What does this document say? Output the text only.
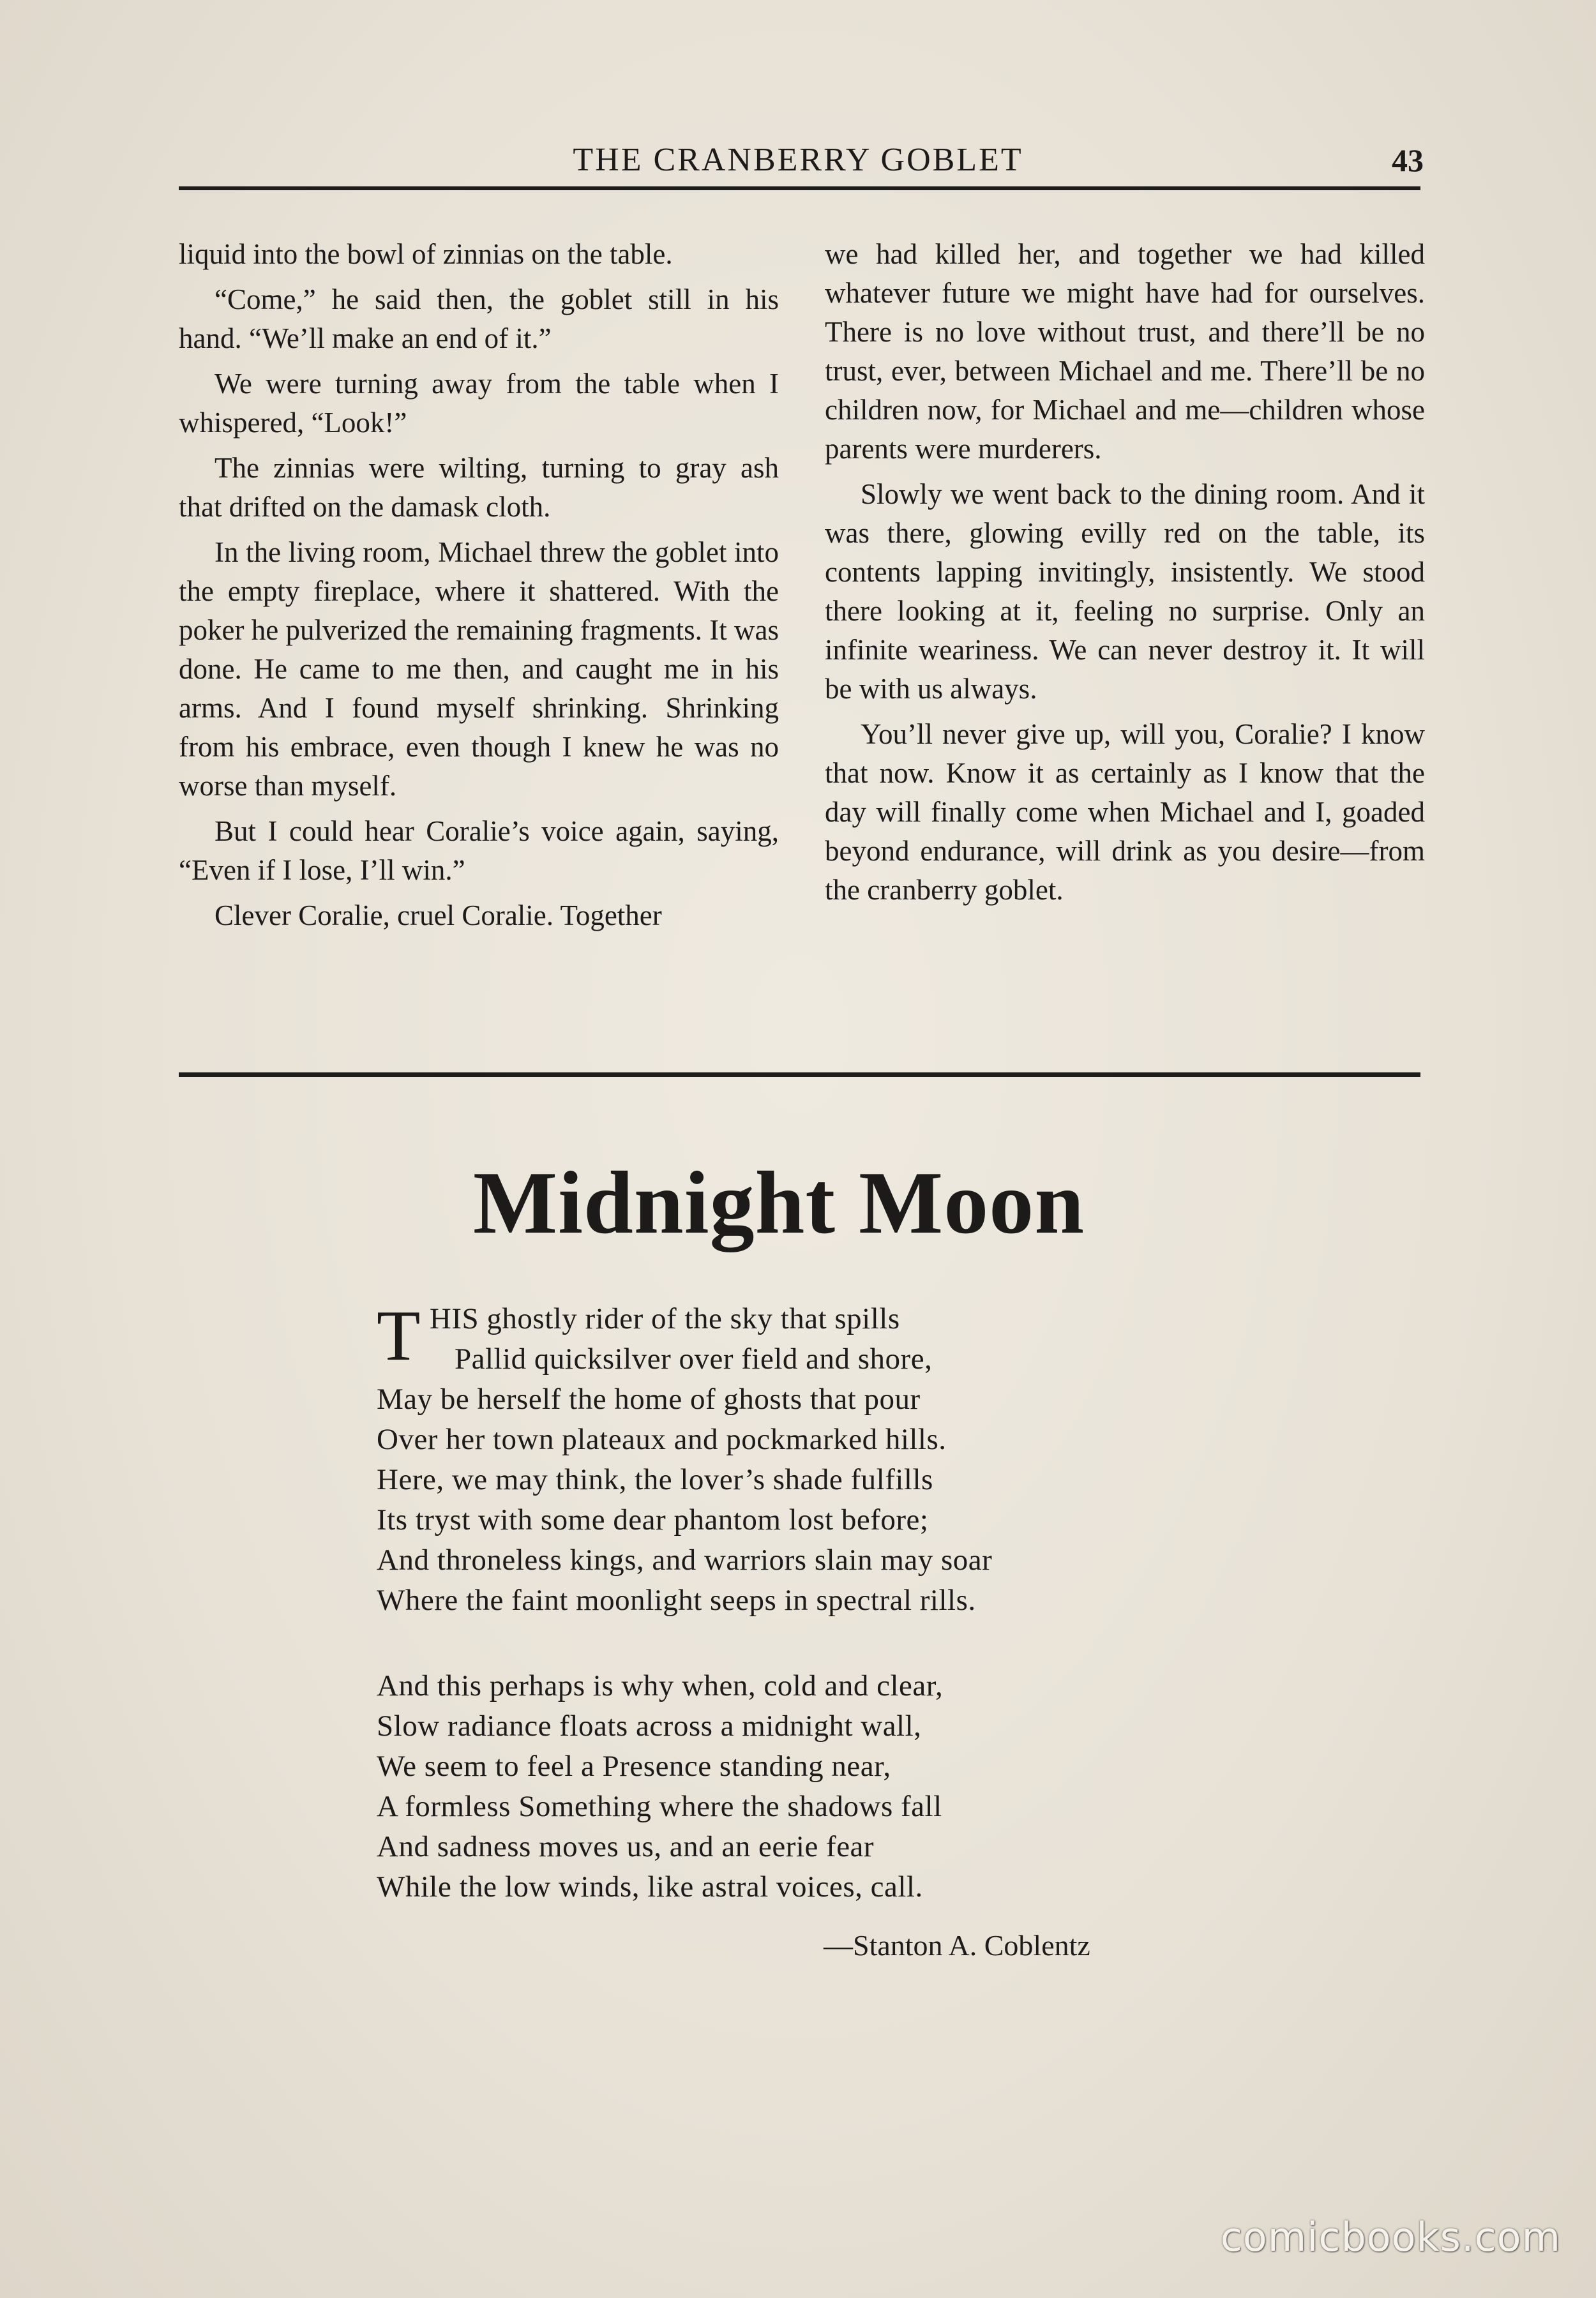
THE CRANBERRY GOBLET	43

liquid into the bowl of zinnias on the table.

“Come,” he said then, the goblet still in his hand. “We’ll make an end of it.”

We were turning away from the table when I whispered, “Look!”

The zinnias were wilting, turning to gray ash that drifted on the damask cloth.

In the living room, Michael threw the goblet into the empty fireplace, where it shattered. With the poker he pulverized the remaining fragments. It was done. He came to me then, and caught me in his arms. And I found myself shrinking. Shrinking from his embrace, even though I knew he was no worse than myself.

But I could hear Coralie’s voice again, saying, “Even if I lose, I’ll win.”

Clever Coralie, cruel Coralie. Together

we had killed her, and together we had killed whatever future we might have had for ourselves. There is no love without trust, and there’ll be no trust, ever, between Michael and me. There’ll be no children now, for Michael and me—children whose parents were murderers.

Slowly we went back to the dining room. And it was there, glowing evilly red on the table, its contents lapping invitingly, insistently. We stood there looking at it, feeling no surprise. Only an infinite weariness. We can never destroy it. It will be with us always.

You’ll never give up, will you, Coralie? I know that now. Know it as certainly as I know that the day will finally come when Michael and I, goaded beyond endurance, will drink as you desire—from the cranberry goblet.

Midnight Moon
T HIS ghostly rider of the sky that spills
Pallid quicksilver over field and shore,
May be herself the home of ghosts that pour
Over her town plateaux and pockmarked hills.
Here, we may think, the lover’s shade fulfills
Its tryst with some dear phantom lost before;
And throneless kings, and warriors slain may soar
Where the faint moonlight seeps in spectral rills.
And this perhaps is why when, cold and clear,
Slow radiance floats across a midnight wall,
We seem to feel a Presence standing near,
A formless Something where the shadows fall
And sadness moves us, and an eerie fear
While the low winds, like astral voices, call.
—Stanton A. Coblentz
comicbooks.com
